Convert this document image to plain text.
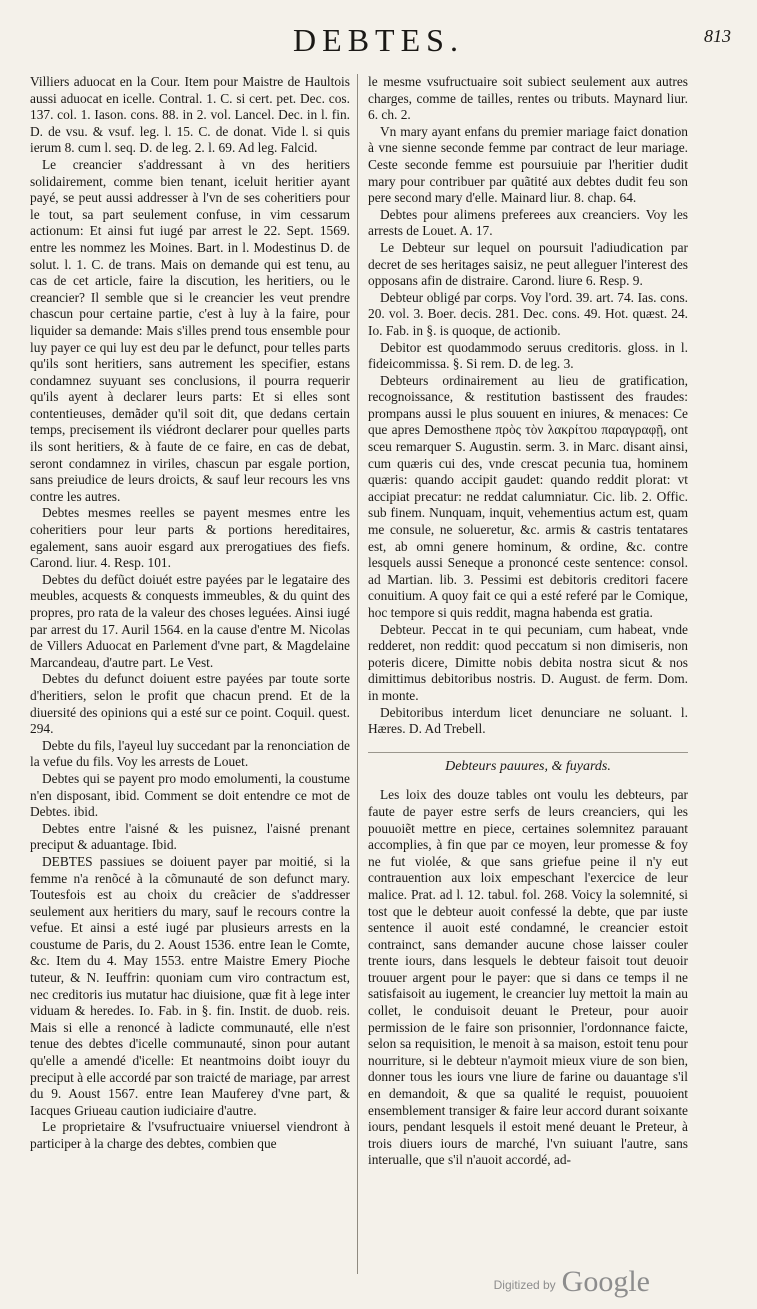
DEBTES.	813

Villiers aduocat en la Cour. Item pour Maistre de Haultois aussi aduocat en icelle. Contral. 1. C. si cert. pet. Dec. cos. 137. col. 1. Iason. cons. 88. in 2. vol. Lancel. Dec. in l. fin. D. de vsu. & vsuf. leg. l. 15. C. de donat. Vide l. si quis ierum 8. cum l. seq. D. de leg. 2. l. 69. Ad leg. Falcid.

Le creancier s'addressant à vn des heritiers solidairement, comme bien tenant, iceluit heritier ayant payé, se peut aussi addresser à l'vn de ses coheritiers pour le tout, sa part seulement confuse, in vim cessarum actionum: Et ainsi fut iugé par arrest le 22. Sept. 1569. entre les nommez les Moines. Bart. in l. Modestinus D. de solut. l. 1. C. de trans. Mais on demande qui est tenu, au cas de cet article, faire la discution, les heritiers, ou le creancier? Il semble que si le creancier les veut prendre chascun pour certaine partie, c'est à luy à la faire, pour liquider sa demande: Mais s'illes prend tous ensemble pour luy payer ce qui luy est deu par le defunct, pour telles parts qu'ils sont heritiers, sans autrement les specifier, estans condamnez suyuant ses conclusions, il pourra requerir qu'ils ayent à declarer leurs parts: Et si elles sont contentieuses, demãder qu'il soit dit, que dedans certain temps, precisement ils viédront declarer pour quelles parts ils sont heritiers, & à faute de ce faire, en cas de debat, seront condamnez in viriles, chascun par esgale portion, sans preiudice de leurs droicts, & sauf leur recours les vns contre les autres.

Debtes mesmes reelles se payent mesmes entre les coheritiers pour leur parts & portions hereditaires, egalement, sans auoir esgard aux prerogatiues des fiefs. Carond. liur. 4. Resp. 101.

Debtes du defũct doiuét estre payées par le legataire des meubles, acquests & conquests immeubles, & du quint des propres, pro rata de la valeur des choses leguées. Ainsi iugé par arrest du 17. Auril 1564. en la cause d'entre M. Nicolas de Villers Aduocat en Parlement d'vne part, & Magdelaine Marcandeau, d'autre part. Le Vest.

Debtes du defunct doiuent estre payées par toute sorte d'heritiers, selon le profit que chacun prend. Et de la diuersité des opinions qui a esté sur ce point. Coquil. quest. 294.

Debte du fils, l'ayeul luy succedant par la renonciation de la vefue du fils. Voy les arrests de Louet.

Debtes qui se payent pro modo emolumenti, la coustume n'en disposant, ibid. Comment se doit entendre ce mot de Debtes. ibid.

Debtes entre l'aisné & les puisnez, l'aisné prenant preciput & aduantage. Ibid.

DEBTES passiues se doiuent payer par moitié, si la femme n'a renõcé à la cõmunauté de son defunct mary. Toutesfois est au choix du creãcier de s'addresser seulement aux heritiers du mary, sauf le recours contre la vefue. Et ainsi a esté iugé par plusieurs arrests en la coustume de Paris, du 2. Aoust 1536. entre Iean le Comte, &c. Item du 4. May 1553. entre Maistre Emery Pioche tuteur, & N. Ieuffrin: quoniam cum viro contractum est, nec creditoris ius mutatur hac diuisione, quæ fit à lege inter viduam & heredes. Io. Fab. in §. fin. Instit. de duob. reis. Mais si elle a renoncé à ladicte communauté, elle n'est tenue des debtes d'icelle communauté, sinon pour autant qu'elle a amendé d'icelle: Et neantmoins doibt iouyr du preciput à elle accordé par son traicté de mariage, par arrest du 9. Aoust 1567. entre Iean Mauferey d'vne part, & Iacques Griueau caution iudiciaire d'autre.

Le proprietaire & l'vsufructuaire vniuersel viendront à participer à la charge des debtes, combien que

le mesme vsufructuaire soit subiect seulement aux autres charges, comme de tailles, rentes ou tributs. Maynard liur. 6. ch. 2.

Vn mary ayant enfans du premier mariage faict donation à vne sienne seconde femme par contract de leur mariage. Ceste seconde femme est poursuiuie par l'heritier dudit mary pour contribuer par quãtité aux debtes dudit feu son pere second mary d'elle. Mainard liur. 8. chap. 64.

Debtes pour alimens preferees aux creanciers. Voy les arrests de Louet. A. 17.

Le Debteur sur lequel on poursuit l'adiudication par decret de ses heritages saisiz, ne peut alleguer l'interest des opposans afin de distraire. Carond. liure 6. Resp. 9.

Debteur obligé par corps. Voy l'ord. 39. art. 74. Ias. cons. 20. vol. 3. Boer. decis. 281. Dec. cons. 49. Hot. quæst. 24. Io. Fab. in §. is quoque, de actionib.

Debitor est quodammodo seruus creditoris. gloss. in l. fideicommissa. §. Si rem. D. de leg. 3.

Debteurs ordinairement au lieu de gratification, recognoissance, & restitution bastissent des fraudes: prompans aussi le plus souuent en iniures, & menaces: Ce que apres Demosthene πρὸς τὸν λακρίτου παραγραφῇ, ont sceu remarquer S. Augustin. serm. 3. in Marc. disant ainsi, cum quæris cui des, vnde crescat pecunia tua, hominem quæris: quando accipit gaudet: quando reddit plorat: vt accipiat precatur: ne reddat calumniatur. Cic. lib. 2. Offic. sub finem. Nunquam, inquit, vehementius actum est, quam me consule, ne solueretur, &c. armis & castris tentatares est, ab omni genere hominum, & ordine, &c. contre lesquels aussi Seneque a prononcé ceste sentence: consol. ad Martian. lib. 3. Pessimi est debitoris creditori facere conuitium. A quoy fait ce qui a esté referé par le Comique, hoc tempore si quis reddit, magna habenda est gratia.

Debteur. Peccat in te qui pecuniam, cum habeat, vnde redderet, non reddit: quod peccatum si non dimiseris, non poteris dicere, Dimitte nobis debita nostra sicut & nos dimittimus debitoribus nostris. D. August. de ferm. Dom. in monte.

Debitoribus interdum licet denunciare ne soluant. l. Hæres. D. Ad Trebell.

Debteurs pauures, & fuyards.

Les loix des douze tables ont voulu les debteurs, par faute de payer estre serfs de leurs creanciers, qui les pouuoiẽt mettre en piece, certaines solemnitez parauant accomplies, à fin que par ce moyen, leur promesse & foy ne fut violée, & que sans griefue peine il n'y eut contrauention aux loix empeschant l'exercice de leur malice. Prat. ad l. 12. tabul. fol. 268. Voicy la solemnité, si tost que le debteur auoit confessé la debte, que par iuste sentence il auoit esté condamné, le creancier estoit contrainct, sans demander aucune chose laisser couler trente iours, dans lesquels le debteur faisoit tout deuoir trouuer argent pour le payer: que si dans ce temps il ne satisfaisoit au iugement, le creancier luy mettoit la main au collet, le conduisoit deuant le Preteur, pour auoir permission de le faire son prisonnier, l'ordonnance faicte, selon sa requisition, le menoit à sa maison, estoit tenu pour nourriture, si le debteur n'aymoit mieux viure de son bien, donner tous les iours vne liure de farine ou dauantage s'il en demandoit, & que sa qualité le requist, pouuoient ensemblement transiger & faire leur accord durant soixante iours, pendant lesquels il estoit mené deuant le Preteur, à trois diuers iours de marché, l'vn suiuant l'autre, sans interualle, que s'il n'auoit accordé, ad-

Digitized by Google
